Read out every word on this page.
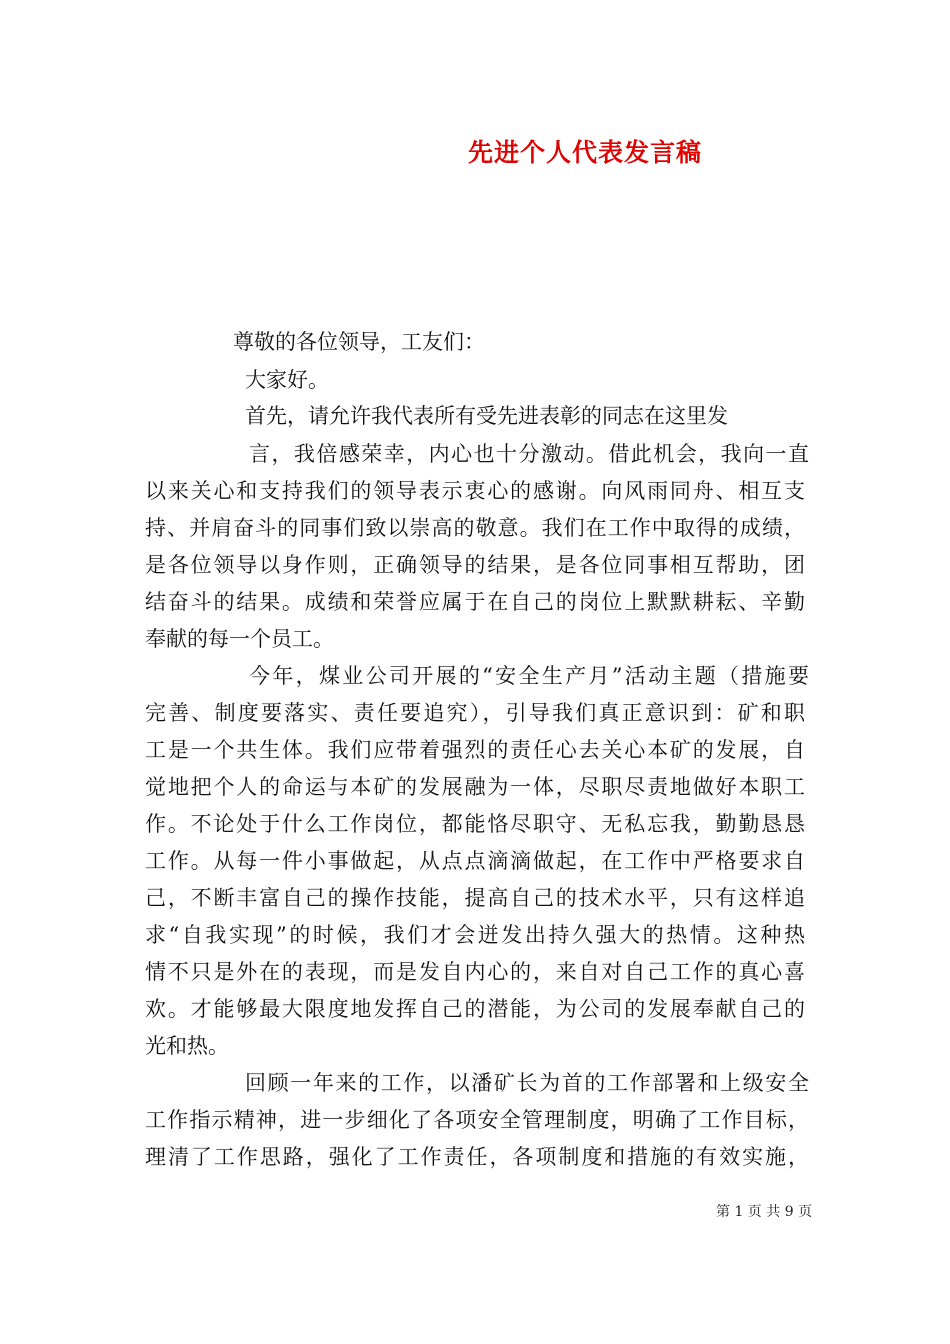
先进个人代表发言稿
尊敬的各位领导，工友们：
大家好。
首先，请允许我代表所有受先进表彰的同志在这里发
言，我倍感荣幸，内心也十分激动。借此机会，我向一直
以来关心和支持我们的领导表示衷心的感谢。向风雨同舟、相互支
持、并肩奋斗的同事们致以崇高的敬意。我们在工作中取得的成绩，
是各位领导以身作则，正确领导的结果，是各位同事相互帮助，团
结奋斗的结果。成绩和荣誉应属于在自己的岗位上默默耕耘、辛勤
奉献的每一个员工。
今年，煤业公司开展的“安全生产月”活动主题（措施要
完善、制度要落实、责任要追究），引导我们真正意识到：矿和职
工是一个共生体。我们应带着强烈的责任心去关心本矿的发展，自
觉地把个人的命运与本矿的发展融为一体，尽职尽责地做好本职工
作。不论处于什么工作岗位，都能恪尽职守、无私忘我，勤勤恳恳
工作。从每一件小事做起，从点点滴滴做起，在工作中严格要求自
己，不断丰富自己的操作技能，提高自己的技术水平，只有这样追
求“自我实现”的时候，我们才会迸发出持久强大的热情。这种热
情不只是外在的表现，而是发自内心的，来自对自己工作的真心喜
欢。才能够最大限度地发挥自己的潜能，为公司的发展奉献自己的
光和热。
回顾一年来的工作，以潘矿长为首的工作部署和上级安全
工作指示精神，进一步细化了各项安全管理制度，明确了工作目标，
理清了工作思路，强化了工作责任，各项制度和措施的有效实施，
第 1 页 共 9 页
